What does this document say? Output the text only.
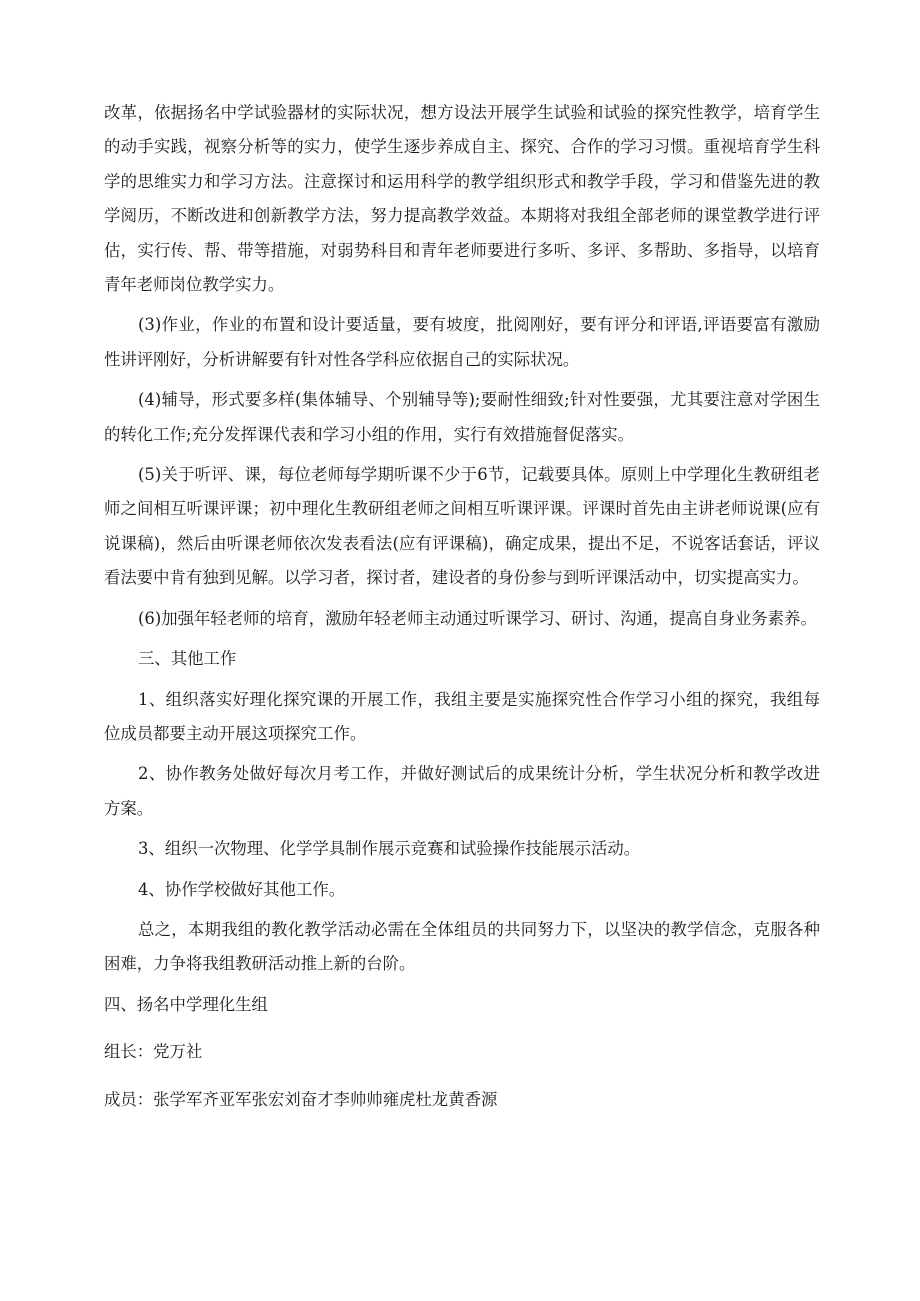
改革，依据扬名中学试验器材的实际状况，想方设法开展学生试验和试验的探究性教学，培育学生的动手实践，视察分析等的实力，使学生逐步养成自主、探究、合作的学习习惯。重视培育学生科学的思维实力和学习方法。注意探讨和运用科学的教学组织形式和教学手段，学习和借鉴先进的教学阅历，不断改进和创新教学方法，努力提高教学效益。本期将对我组全部老师的课堂教学进行评估，实行传、帮、带等措施，对弱势科目和青年老师要进行多听、多评、多帮助、多指导，以培育青年老师岗位教学实力。

(3)作业，作业的布置和设计要适量，要有坡度，批阅刚好，要有评分和评语,评语要富有激励性讲评刚好，分析讲解要有针对性各学科应依据自己的实际状况。

(4)辅导，形式要多样(集体辅导、个别辅导等);要耐性细致;针对性要强，尤其要注意对学困生的转化工作;充分发挥课代表和学习小组的作用，实行有效措施督促落实。

(5)关于听评、课，每位老师每学期听课不少于6节，记载要具体。原则上中学理化生教研组老师之间相互听课评课；初中理化生教研组老师之间相互听课评课。评课时首先由主讲老师说课(应有说课稿)，然后由听课老师依次发表看法(应有评课稿)，确定成果，提出不足，不说客话套话，评议看法要中肯有独到见解。以学习者，探讨者，建设者的身份参与到听评课活动中，切实提高实力。

(6)加强年轻老师的培育，激励年轻老师主动通过听课学习、研讨、沟通，提高自身业务素养。

三、其他工作

1、组织落实好理化探究课的开展工作，我组主要是实施探究性合作学习小组的探究，我组每位成员都要主动开展这项探究工作。

2、协作教务处做好每次月考工作，并做好测试后的成果统计分析，学生状况分析和教学改进方案。

3、组织一次物理、化学学具制作展示竞赛和试验操作技能展示活动。

4、协作学校做好其他工作。

总之，本期我组的教化教学活动必需在全体组员的共同努力下，以坚决的教学信念，克服各种困难，力争将我组教研活动推上新的台阶。

四、扬名中学理化生组

组长：党万社

成员：张学军齐亚军张宏刘奋才李帅帅雍虎杜龙黄香源
